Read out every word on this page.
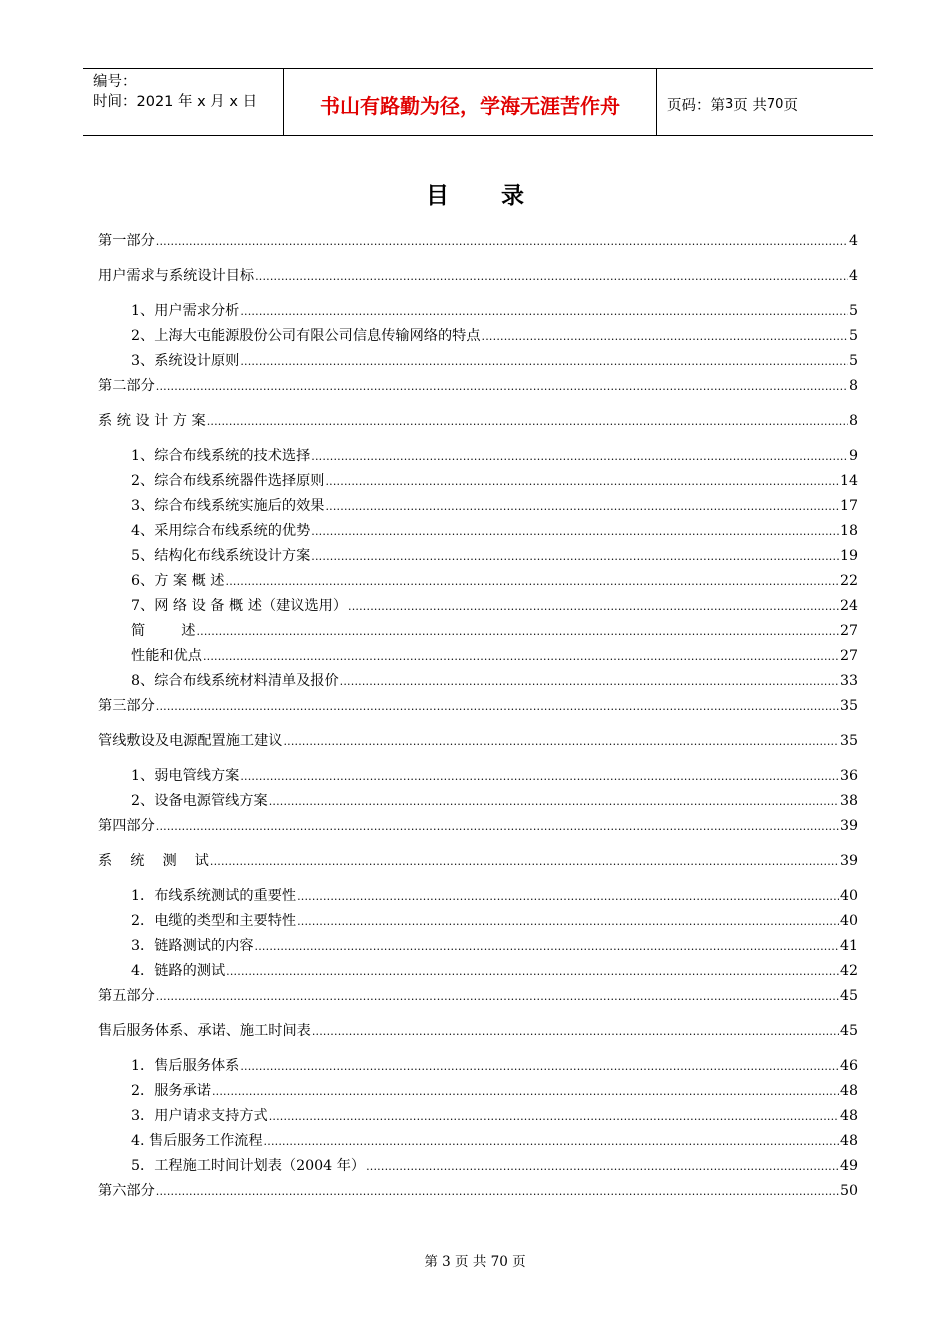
编号：
时间：2021 年 x 月 x 日	书山有路勤为径，学海无涯苦作舟	页码：第 3 页 共 70 页
目 录
第一部分 .....	4
用户需求与系统设计目标 .....	4
1、用户需求分析 .....	5
2、上海大屯能源股份公司有限公司信息传输网络的特点 .....	5
3、系统设计原则 .....	5
第二部分 .....	8
系 统 设 计 方 案 .....	8
1、综合布线系统的技术选择 .....	9
2、综合布线系统器件选择原则 .....	14
3、综合布线系统实施后的效果 .....	17
4、采用综合布线系统的优势 .....	18
5、结构化布线系统设计方案 .....	19
6、方 案 概 述 .....	22
7、网 络 设 备 概 述（建议选用） .....	24
简        述 .....	27
性能和优点 .....	27
8、综合布线系统材料清单及报价 .....	33
第三部分 .....	35
管线敷设及电源配置施工建议 .....	35
1、弱电管线方案 .....	36
2、设备电源管线方案 .....	38
第四部分 .....	39
系    统    测    试 .....	39
1．布线系统测试的重要性 .....	40
2．电缆的类型和主要特性 .....	40
3．链路测试的内容 .....	41
4．链路的测试 .....	42
第五部分 .....	45
售后服务体系、承诺、施工时间表 .....	45
1．售后服务体系 .....	46
2．服务承诺 .....	48
3．用户请求支持方式 .....	48
4. 售后服务工作流程 .....	48
5．工程施工时间计划表（2004 年） .....	49
第六部分 .....	50
第 3 页 共 70 页
